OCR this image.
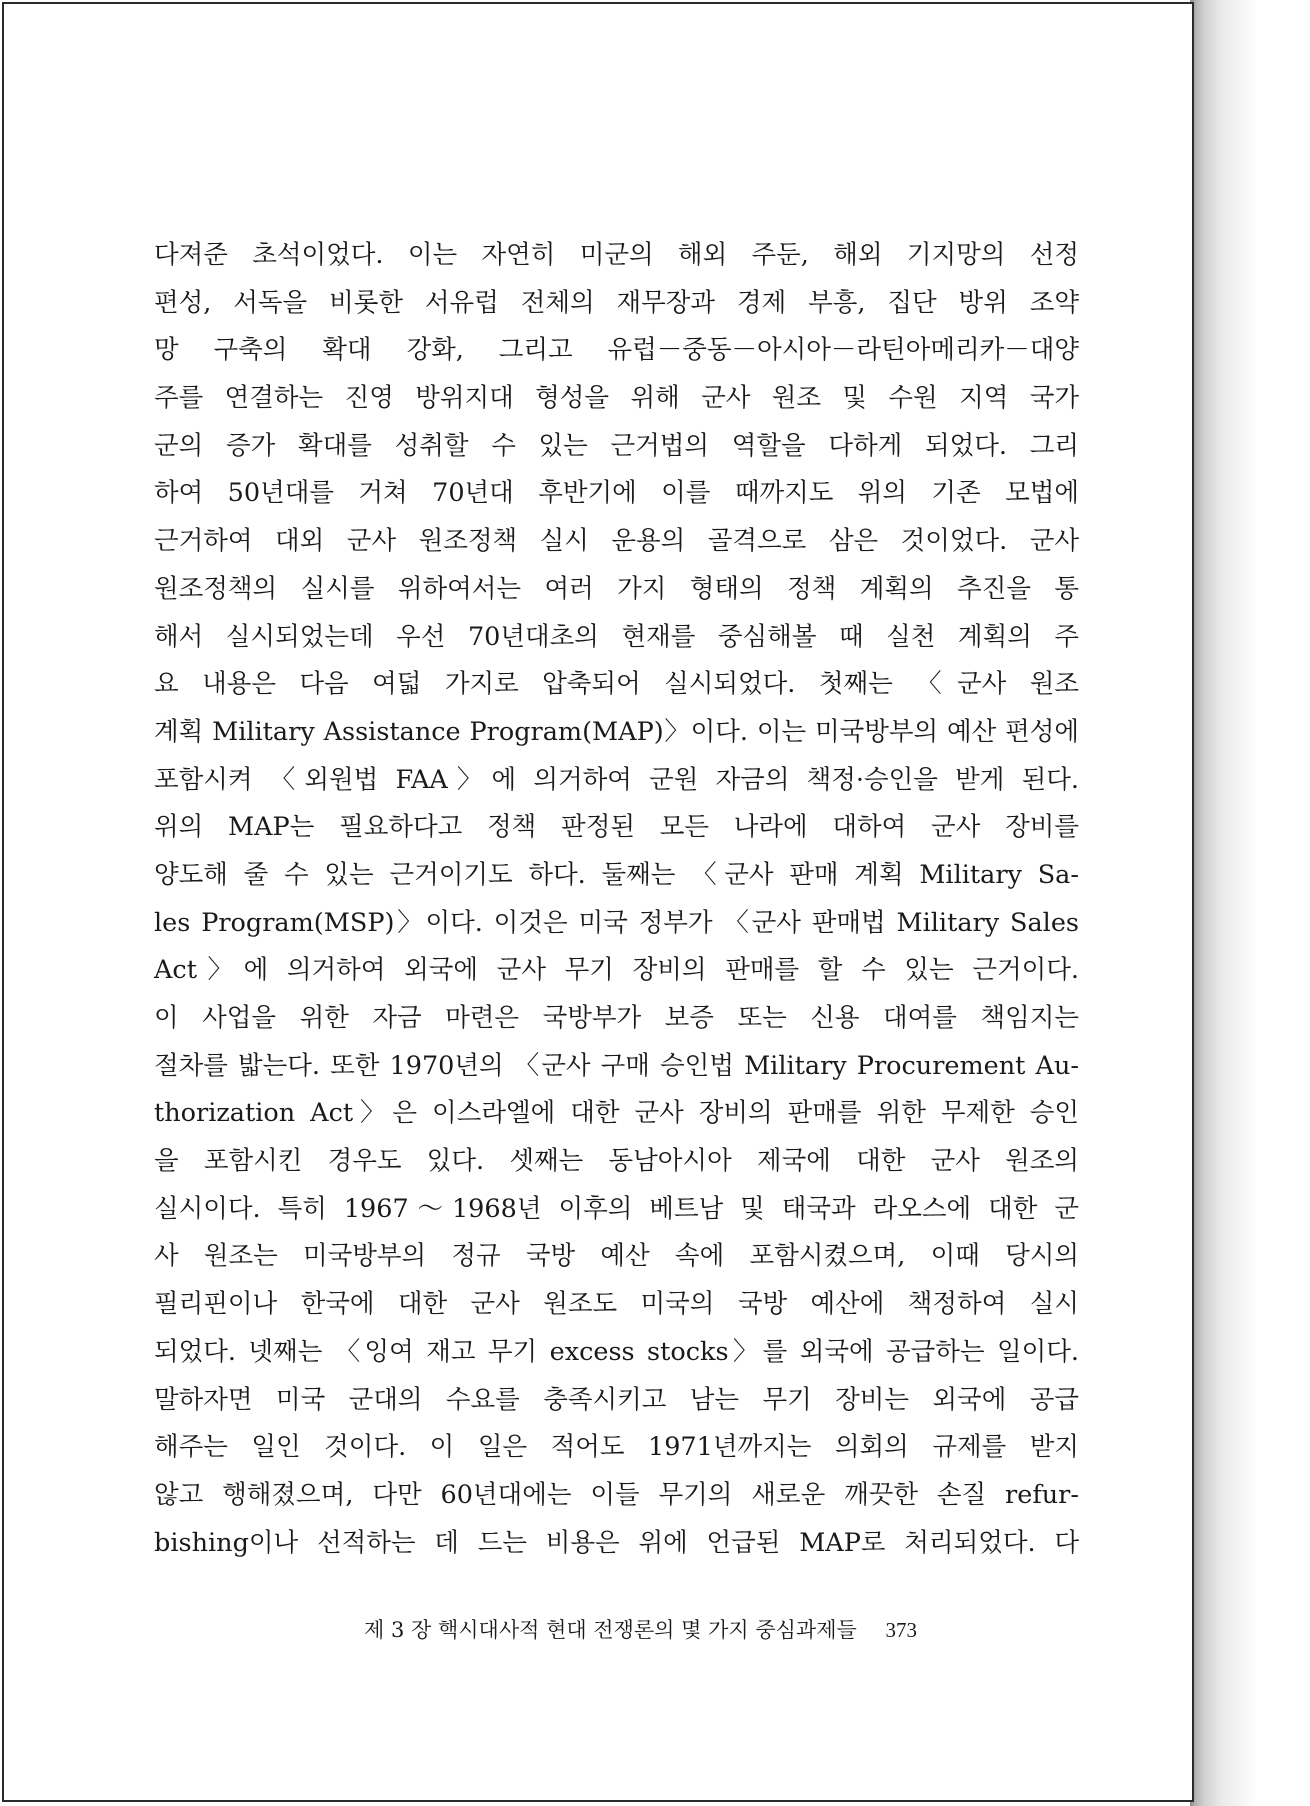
다져준 초석이었다. 이는 자연히 미군의 해외 주둔, 해외 기지망의 선정
편성, 서독을 비롯한 서유럽 전체의 재무장과 경제 부흥, 집단 방위 조약
망 구축의 확대 강화, 그리고 유럽－중동－아시아－라틴아메리카－대양
주를 연결하는 진영 방위지대 형성을 위해 군사 원조 및 수원 지역 국가
군의 증가 확대를 성취할 수 있는 근거법의 역할을 다하게 되었다. 그리
하여 50년대를 거쳐 70년대 후반기에 이를 때까지도 위의 기존 모법에
근거하여 대외 군사 원조정책 실시 운용의 골격으로 삼은 것이었다. 군사
원조정책의 실시를 위하여서는 여러 가지 형태의 정책 계획의 추진을 통
해서 실시되었는데 우선 70년대초의 현재를 중심해볼 때 실천 계획의 주
요 내용은 다음 여덟 가지로 압축되어 실시되었다. 첫째는 〈군사 원조
계획 Military Assistance Program(MAP)〉이다. 이는 미국방부의 예산 편성에
포함시켜 〈외원법 FAA〉에 의거하여 군원 자금의 책정·승인을 받게 된다.
위의 MAP는 필요하다고 정책 판정된 모든 나라에 대하여 군사 장비를
양도해 줄 수 있는 근거이기도 하다. 둘째는 〈군사 판매 계획 Military Sa-
les Program(MSP)〉이다. 이것은 미국 정부가 〈군사 판매법 Military Sales
Act〉에 의거하여 외국에 군사 무기 장비의 판매를 할 수 있는 근거이다.
이 사업을 위한 자금 마련은 국방부가 보증 또는 신용 대여를 책임지는
절차를 밟는다. 또한 1970년의 〈군사 구매 승인법 Military Procurement Au-
thorization Act〉은 이스라엘에 대한 군사 장비의 판매를 위한 무제한 승인
을 포함시킨 경우도 있다. 셋째는 동남아시아 제국에 대한 군사 원조의
실시이다. 특히 1967～1968년 이후의 베트남 및 태국과 라오스에 대한 군
사 원조는 미국방부의 정규 국방 예산 속에 포함시켰으며, 이때 당시의
필리핀이나 한국에 대한 군사 원조도 미국의 국방 예산에 책정하여 실시
되었다. 넷째는 〈잉여 재고 무기 excess stocks〉를 외국에 공급하는 일이다.
말하자면 미국 군대의 수요를 충족시키고 남는 무기 장비는 외국에 공급
해주는 일인 것이다. 이 일은 적어도 1971년까지는 의회의 규제를 받지
않고 행해졌으며, 다만 60년대에는 이들 무기의 새로운 깨끗한 손질 refur-
bishing이나 선적하는 데 드는 비용은 위에 언급된 MAP로 처리되었다. 다
제 3 장 핵시대사적 현대 전쟁론의 몇 가지 중심과제들 373
